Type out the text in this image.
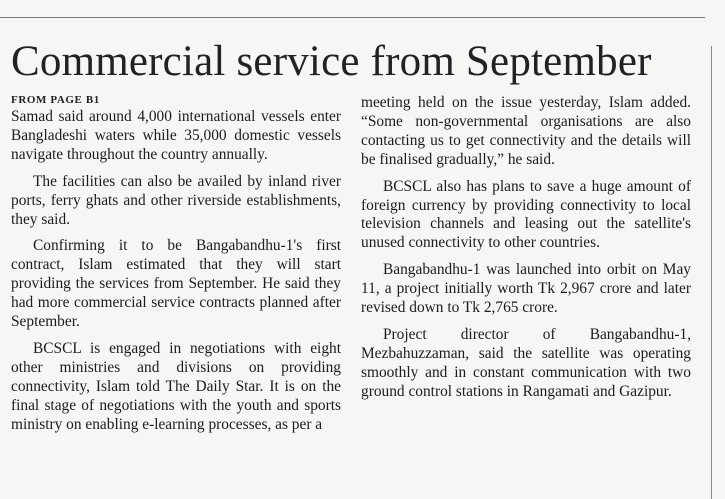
Commercial service from September
FROM PAGE B1

Samad said around 4,000 international vessels enter Bangladeshi waters while 35,000 domestic vessels navigate throughout the country annually.

The facilities can also be availed by inland river ports, ferry ghats and other riverside establishments, they said.

Confirming it to be Bangabandhu-1's first contract, Islam estimated that they will start providing the services from September. He said they had more commercial service contracts planned after September.

BCSCL is engaged in negotiations with eight other ministries and divisions on providing connectivity, Islam told The Daily Star. It is on the final stage of negotiations with the youth and sports ministry on enabling e-learning processes, as per a

meeting held on the issue yesterday, Islam added. “Some non-governmental organisations are also contacting us to get connectivity and the details will be finalised gradually,” he said.

BCSCL also has plans to save a huge amount of foreign currency by providing connectivity to local television channels and leasing out the satellite's unused connectivity to other countries.

Bangabandhu-1 was launched into orbit on May 11, a project initially worth Tk 2,967 crore and later revised down to Tk 2,765 crore.

Project director of Bangabandhu-1, Mezbahuzzaman, said the satellite was operating smoothly and in constant communication with two ground control stations in Rangamati and Gazipur.
